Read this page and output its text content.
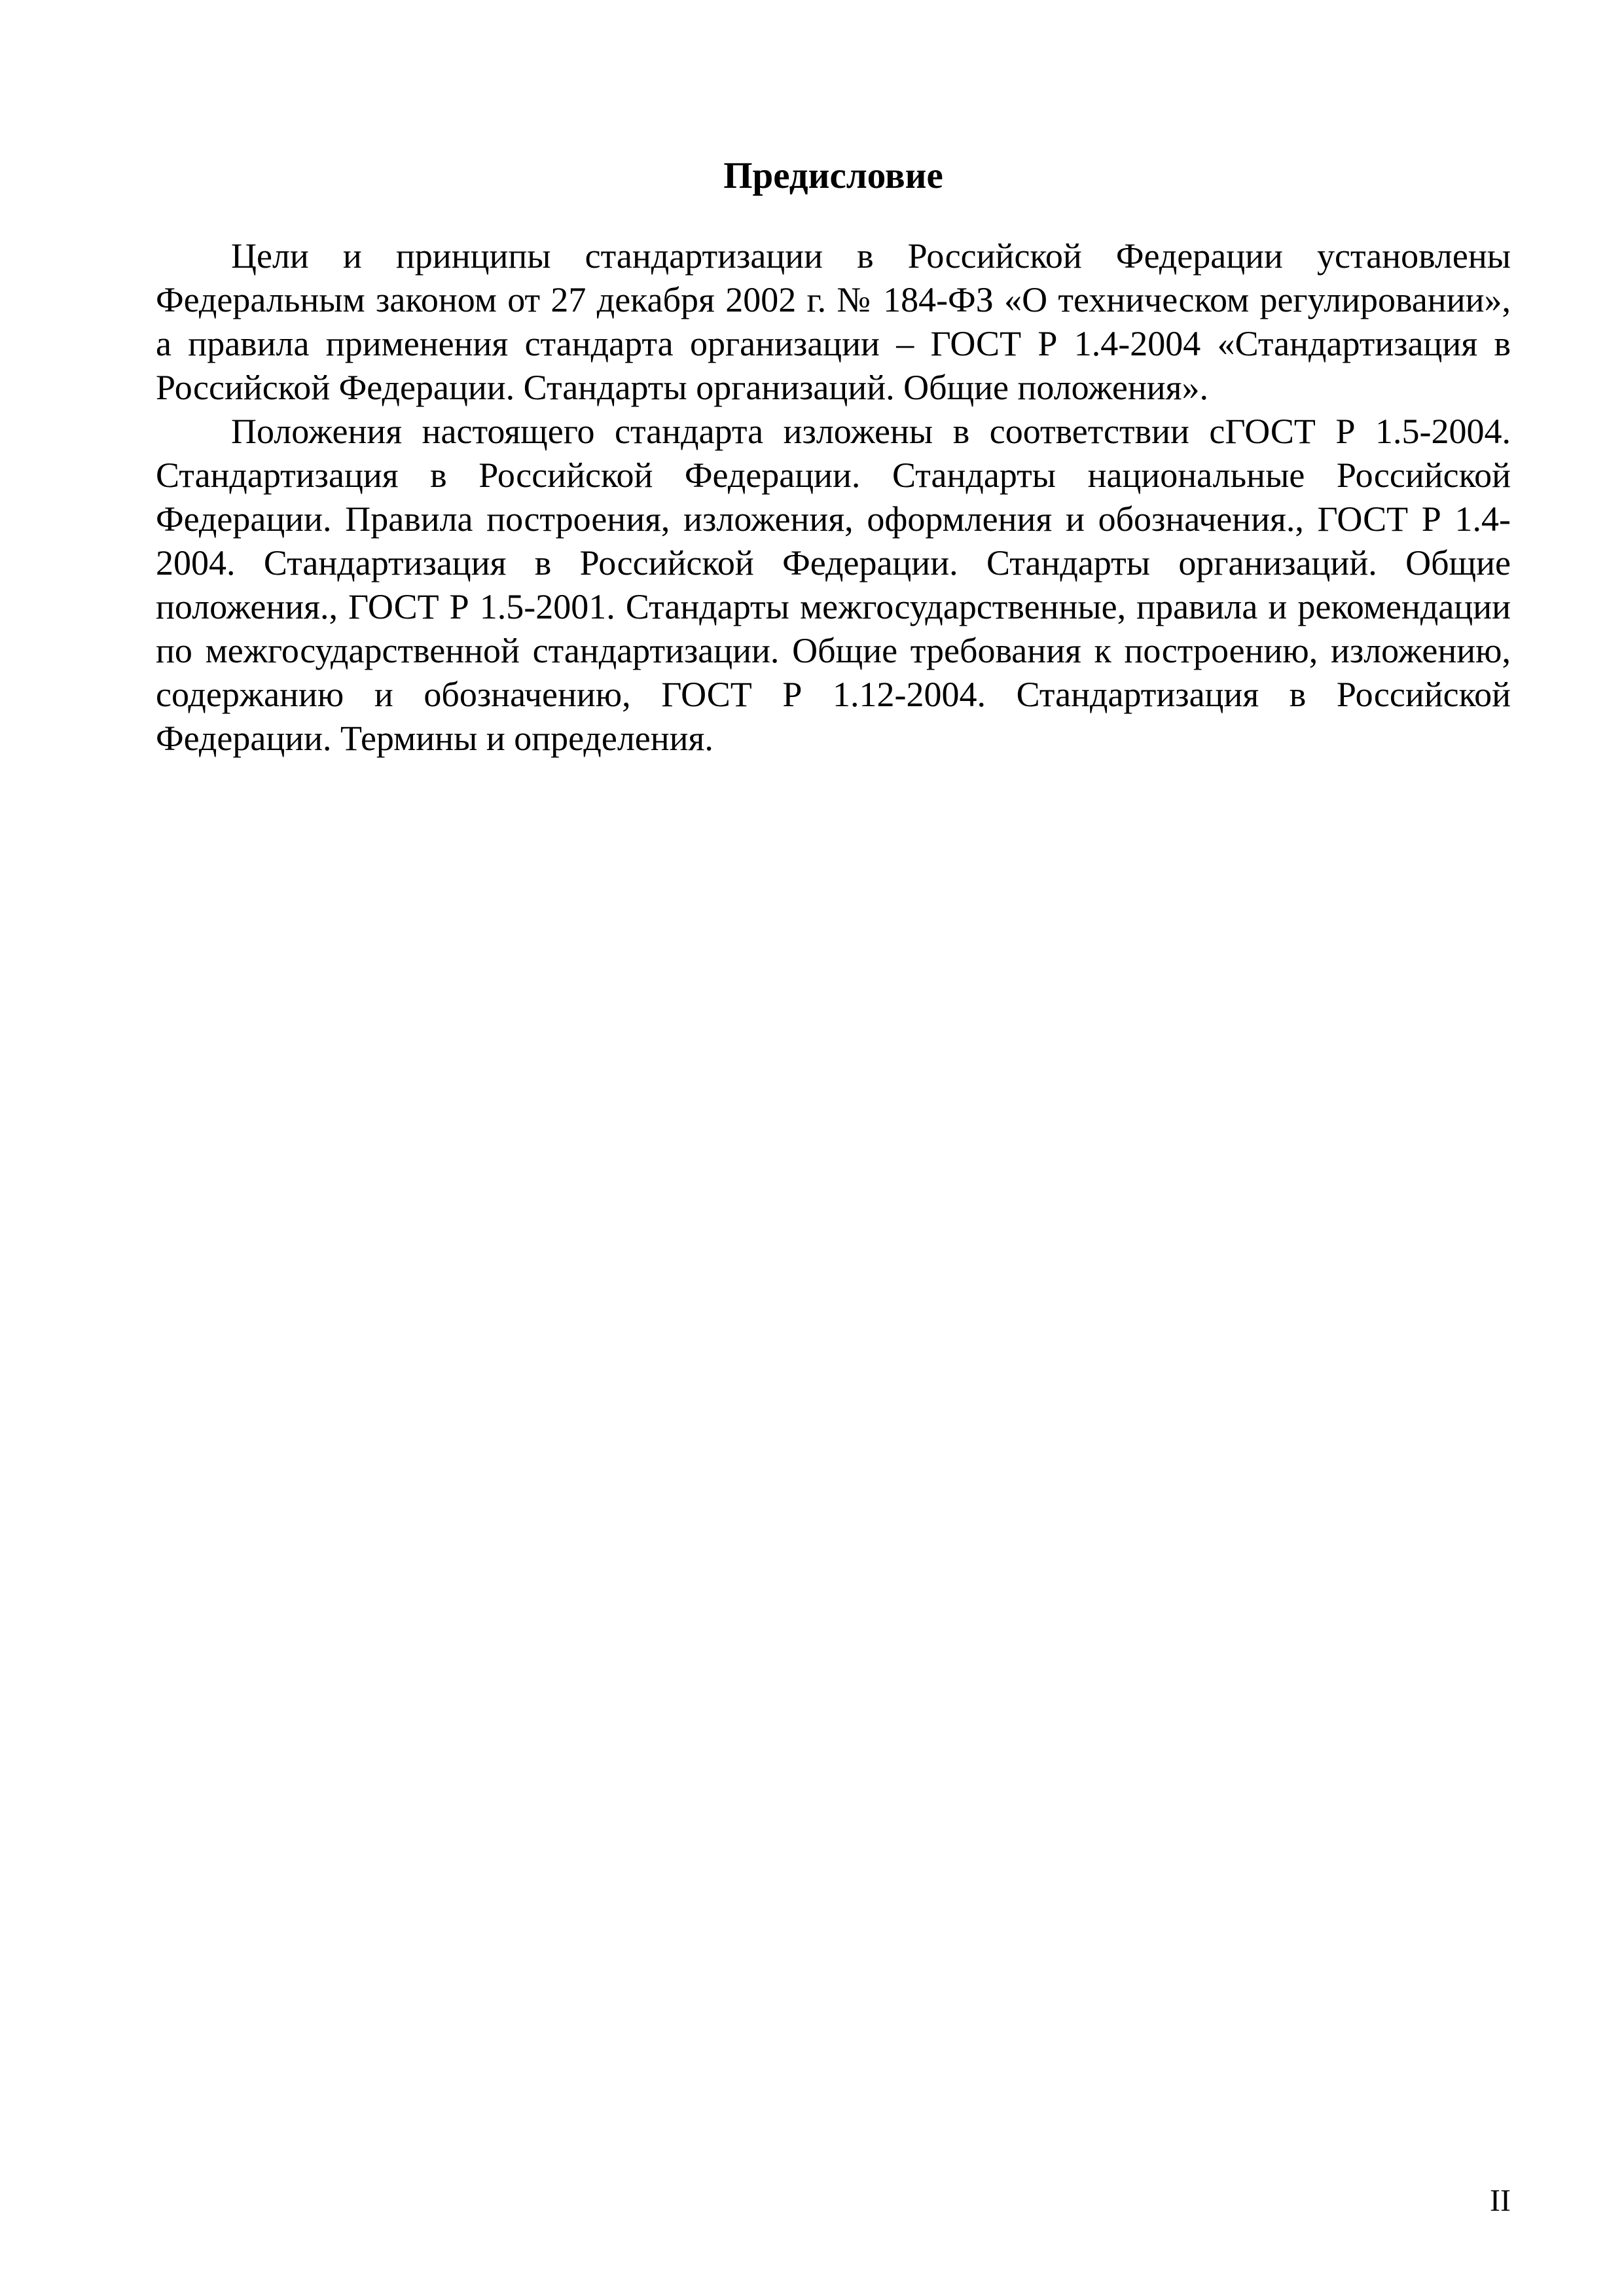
Предисловие

Цели и принципы стандартизации в Российской Федерации установлены Федеральным законом от 27 декабря 2002 г. № 184-ФЗ «О техническом регулировании», а правила применения стандарта организации – ГОСТ Р 1.4-2004 «Стандартизация в Российской Федерации. Стандарты организаций. Общие положения».

Положения настоящего стандарта изложены в соответствии сГОСТ Р 1.5-2004. Стандартизация в Российской Федерации. Стандарты национальные Российской Федерации. Правила построения, изложения, оформления и обозначения., ГОСТ Р 1.4-2004. Стандартизация в Российской Федерации. Стандарты организаций. Общие положения., ГОСТ Р 1.5-2001. Стандарты межгосударственные, правила и рекомендации по межгосударственной стандартизации. Общие требования к построению, изложению, содержанию и обозначению, ГОСТ Р 1.12-2004. Стандартизация в Российской Федерации. Термины и определения.

II
